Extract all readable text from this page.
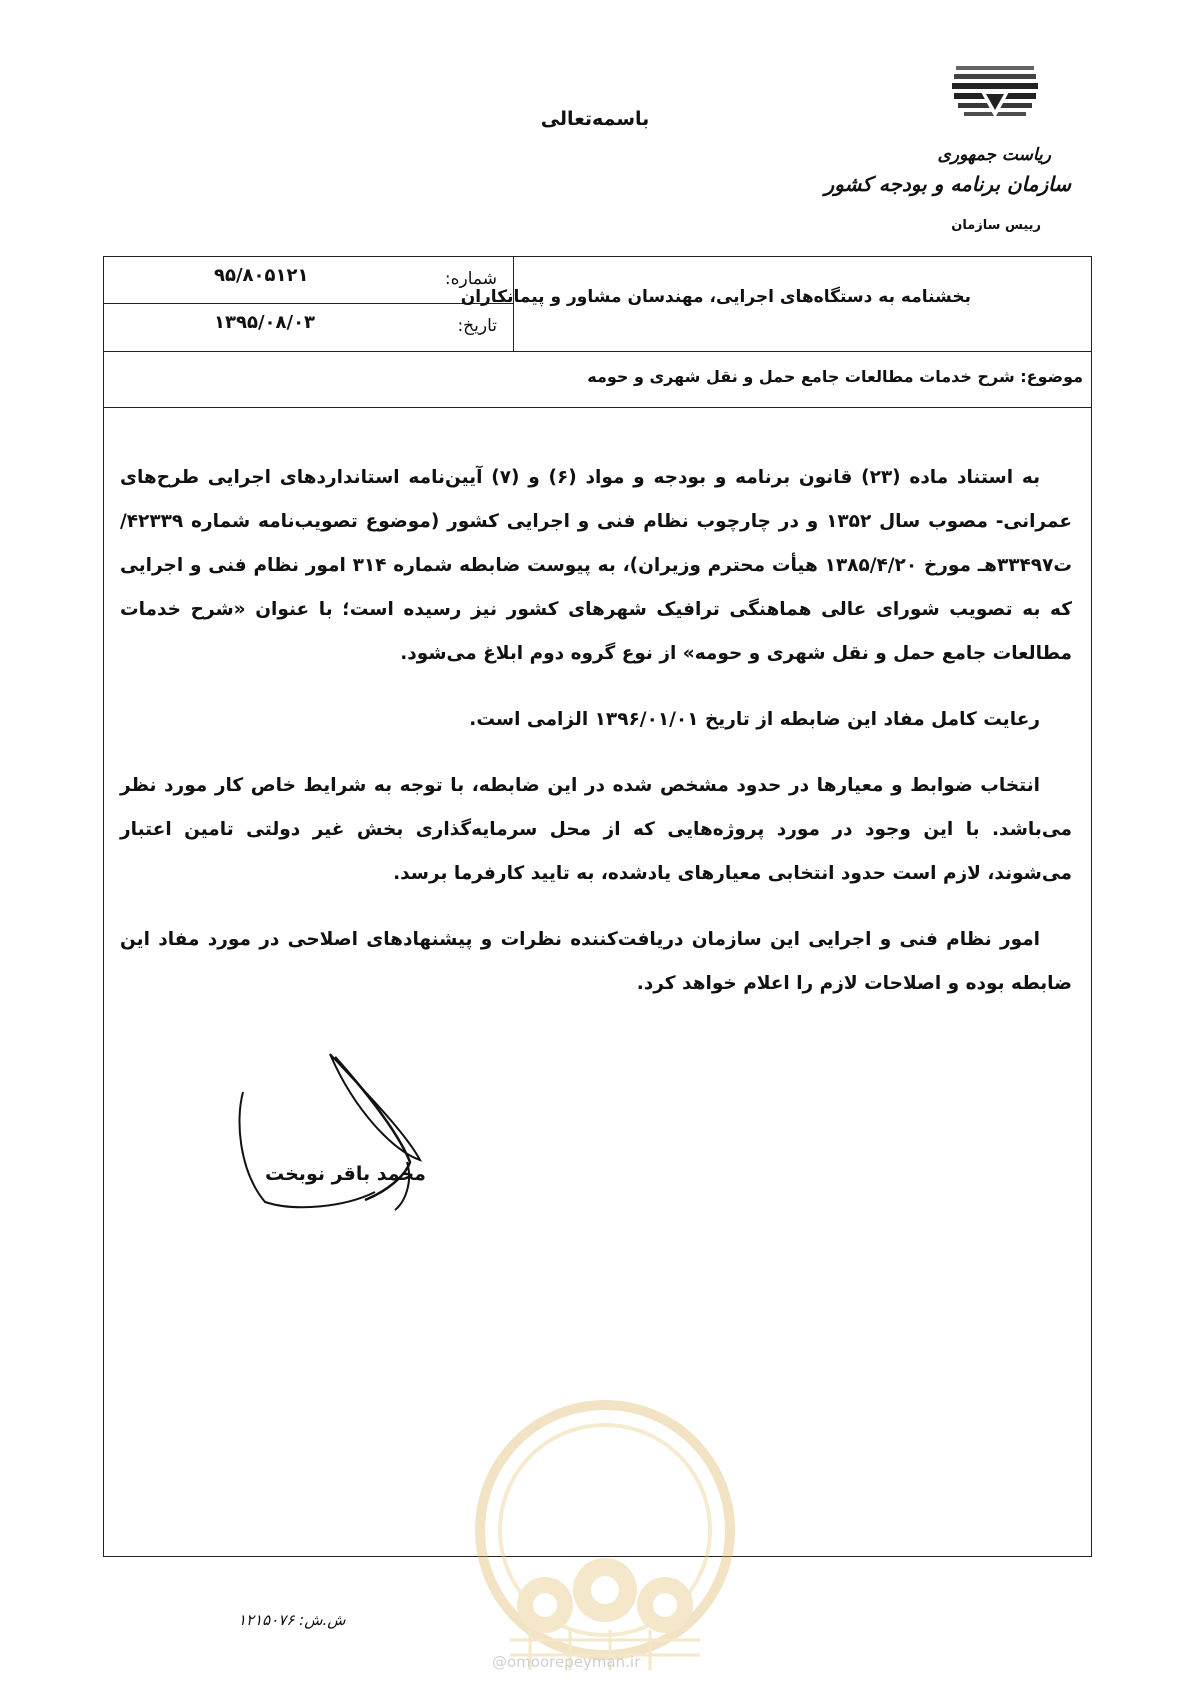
باسمه‌تعالی
ریاست جمهوری
سازمان برنامه و بودجه کشور
رییس سازمان
شماره:
۹۵/۸۰۵۱۲۱
تاریخ:
۱۳۹۵/۰۸/۰۳
بخشنامه به دستگاه‌های اجرایی، مهندسان مشاور و پیمانکاران
موضوع: شرح خدمات مطالعات جامع حمل و نقل شهری و حومه

به استناد ماده (۲۳) قانون برنامه و بودجه و مواد (۶) و (۷) آیین‌نامه استانداردهای اجرایی طرح‌های عمرانی- مصوب سال ۱۳۵۲ و در چارچوب نظام فنی و اجرایی کشور (موضوع تصویب‌نامه شماره ۴۲۳۳۹/ت۳۳۴۹۷هـ مورخ ۱۳۸۵/۴/۲۰ هیأت محترم وزیران)، به پیوست ضابطه شماره ۳۱۴ امور نظام فنی و اجرایی که به تصویب شورای عالی هماهنگی ترافیک شهرهای کشور نیز رسیده است؛ با عنوان «شرح خدمات مطالعات جامع حمل و نقل شهری و حومه» از نوع گروه دوم ابلاغ می‌شود.

رعایت کامل مفاد این ضابطه از تاریخ ۱۳۹۶/۰۱/۰۱ الزامی است.

انتخاب ضوابط و معیارها در حدود مشخص شده در این ضابطه، با توجه به شرایط خاص کار مورد نظر می‌باشد. با این وجود در مورد پروژه‌هایی که از محل سرمایه‌گذاری بخش غیر دولتی تامین اعتبار می‌شوند، لازم است حدود انتخابی معیارهای یادشده، به تایید کارفرما برسد.

امور نظام فنی و اجرایی این سازمان دریافت‌کننده نظرات و پیشنهادهای اصلاحی در مورد مفاد این ضابطه بوده و اصلاحات لازم را اعلام خواهد کرد.

محمد باقر نوبخت
ش.ش: ۱۲۱۵۰۷۶
@omoorepeyman.ir
